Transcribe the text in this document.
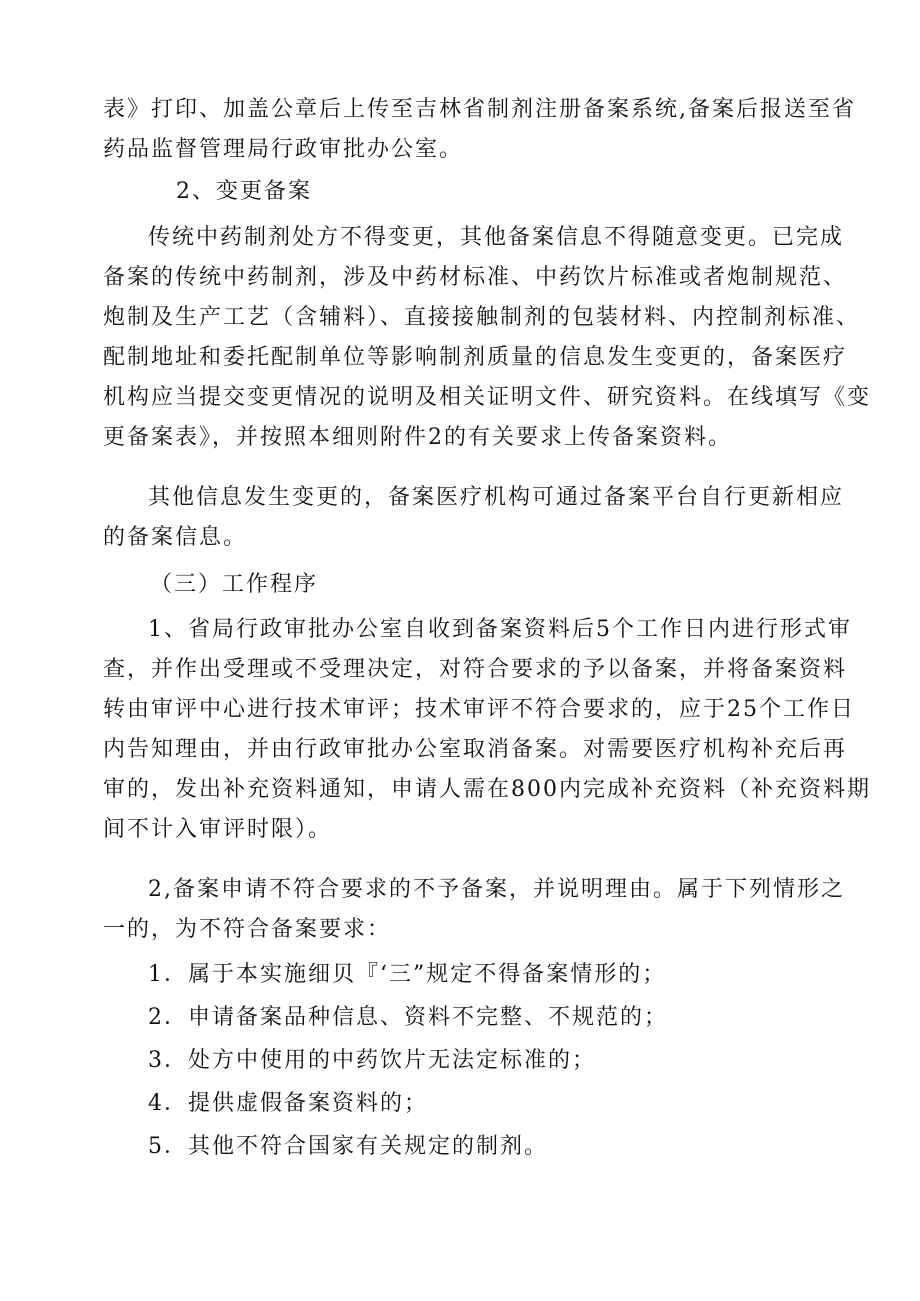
表》打印、加盖公章后上传至吉林省制剂注册备案系统,备案后报送至省
药品监督管理局行政审批办公室。
2、变更备案
传统中药制剂处方不得变更，其他备案信息不得随意变更。已完成
备案的传统中药制剂，涉及中药材标准、中药饮片标准或者炮制规范、
炮制及生产工艺（含辅料）、直接接触制剂的包装材料、内控制剂标准、
配制地址和委托配制单位等影响制剂质量的信息发生变更的，备案医疗
机构应当提交变更情况的说明及相关证明文件、研究资料。在线填写《变
更备案表》，并按照本细则附件2的有关要求上传备案资料。
其他信息发生变更的，备案医疗机构可通过备案平台自行更新相应
的备案信息。
（三）工作程序
1、省局行政审批办公室自收到备案资料后5个工作日内进行形式审
查，并作出受理或不受理决定，对符合要求的予以备案，并将备案资料
转由审评中心进行技术审评；技术审评不符合要求的，应于25个工作日
内告知理由，并由行政审批办公室取消备案。对需要医疗机构补充后再
审的，发出补充资料通知，申请人需在800内完成补充资料（补充资料期
间不计入审评时限）。
2,备案申请不符合要求的不予备案，并说明理由。属于下列情形之
一的，为不符合备案要求：
1．属于本实施细贝『‘三”规定不得备案情形的；
2．申请备案品种信息、资料不完整、不规范的；
3．处方中使用的中药饮片无法定标准的；
4．提供虚假备案资料的；
5．其他不符合国家有关规定的制剂。
